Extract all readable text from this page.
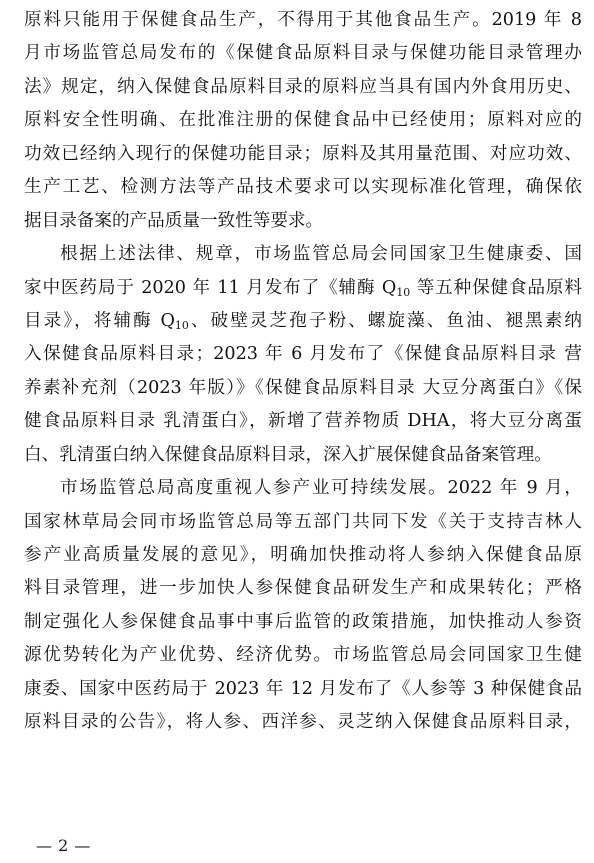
原料只能用于保健食品生产，不得用于其他食品生产。2019 年 8
月市场监管总局发布的《保健食品原料目录与保健功能目录管理办
法》规定，纳入保健食品原料目录的原料应当具有国内外食用历史、
原料安全性明确、在批准注册的保健食品中已经使用；原料对应的
功效已经纳入现行的保健功能目录；原料及其用量范围、对应功效、
生产工艺、检测方法等产品技术要求可以实现标准化管理，确保依
据目录备案的产品质量一致性等要求。
根据上述法律、规章，市场监管总局会同国家卫生健康委、国
家中医药局于 2020 年 11 月发布了《辅酶 $Q_{10}$ 等五种保健食品原料
目录》，将辅酶 $Q_{10}$、破壁灵芝孢子粉、螺旋藻、鱼油、褪黑素纳
入保健食品原料目录；2023 年 6 月发布了《保健食品原料目录 营
养素补充剂（2023 年版）》《保健食品原料目录 大豆分离蛋白》《保
健食品原料目录 乳清蛋白》，新增了营养物质 DHA，将大豆分离蛋
白、乳清蛋白纳入保健食品原料目录，深入扩展保健食品备案管理。
市场监管总局高度重视人参产业可持续发展。2022 年 9 月，
国家林草局会同市场监管总局等五部门共同下发《关于支持吉林人
参产业高质量发展的意见》，明确加快推动将人参纳入保健食品原
料目录管理，进一步加快人参保健食品研发生产和成果转化；严格
制定强化人参保健食品事中事后监管的政策措施，加快推动人参资
源优势转化为产业优势、经济优势。市场监管总局会同国家卫生健
康委、国家中医药局于 2023 年 12 月发布了《人参等 3 种保健食品
原料目录的公告》，将人参、西洋参、灵芝纳入保健食品原料目录，
— 2 —
